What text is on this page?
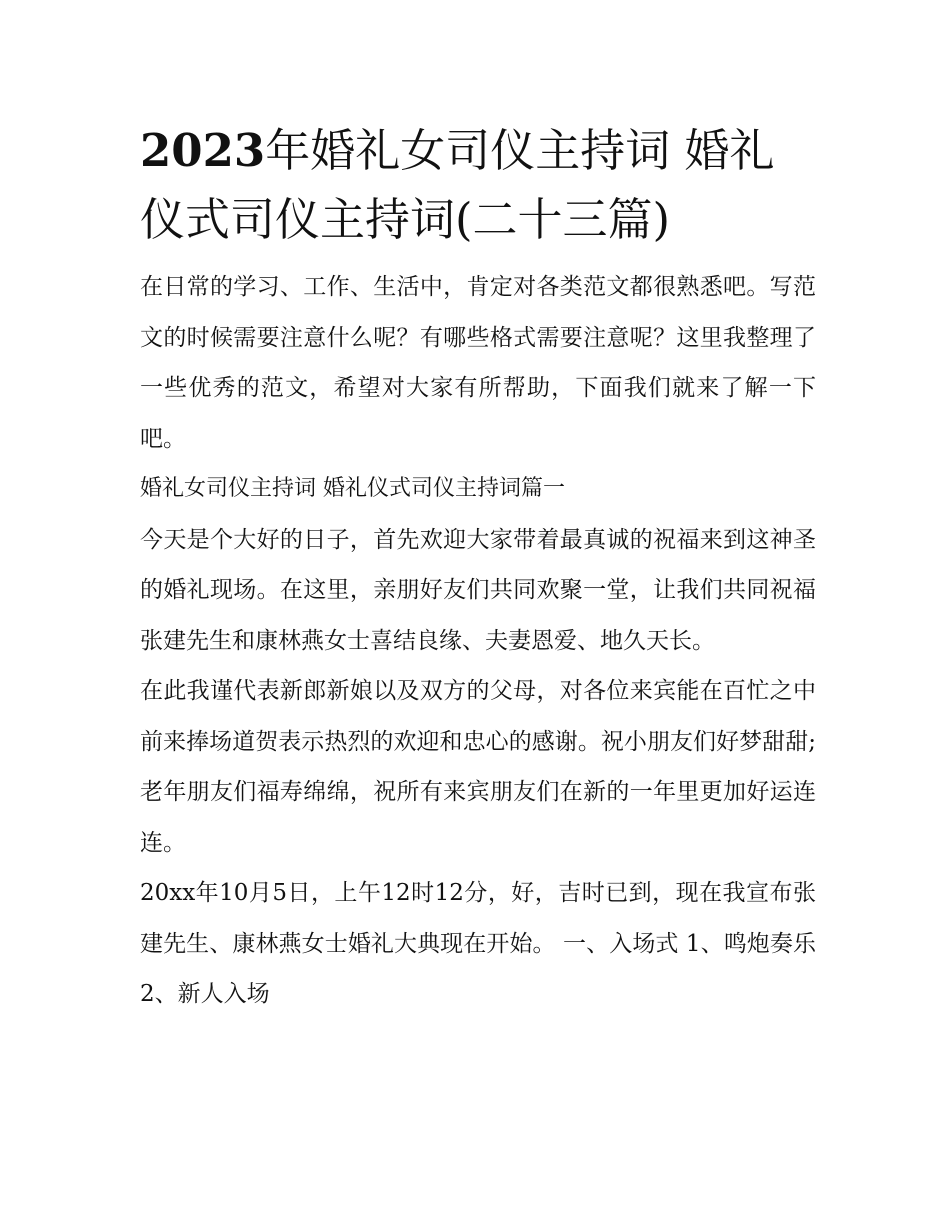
2023年婚礼女司仪主持词 婚礼仪式司仪主持词(二十三篇)

在日常的学习、工作、生活中，肯定对各类范文都很熟悉吧。写范文的时候需要注意什么呢？有哪些格式需要注意呢？这里我整理了一些优秀的范文，希望对大家有所帮助，下面我们就来了解一下吧。

婚礼女司仪主持词 婚礼仪式司仪主持词篇一

今天是个大好的日子，首先欢迎大家带着最真诚的祝福来到这神圣的婚礼现场。在这里，亲朋好友们共同欢聚一堂，让我们共同祝福张建先生和康林燕女士喜结良缘、夫妻恩爱、地久天长。

在此我谨代表新郎新娘以及双方的父母，对各位来宾能在百忙之中前来捧场道贺表示热烈的欢迎和忠心的感谢。祝小朋友们好梦甜甜;老年朋友们福寿绵绵，祝所有来宾朋友们在新的一年里更加好运连连。

20xx年10月5日，上午12时12分，好，吉时已到，现在我宣布张建先生、康林燕女士婚礼大典现在开始。 一、入场式 1、鸣炮奏乐 2、新人入场
